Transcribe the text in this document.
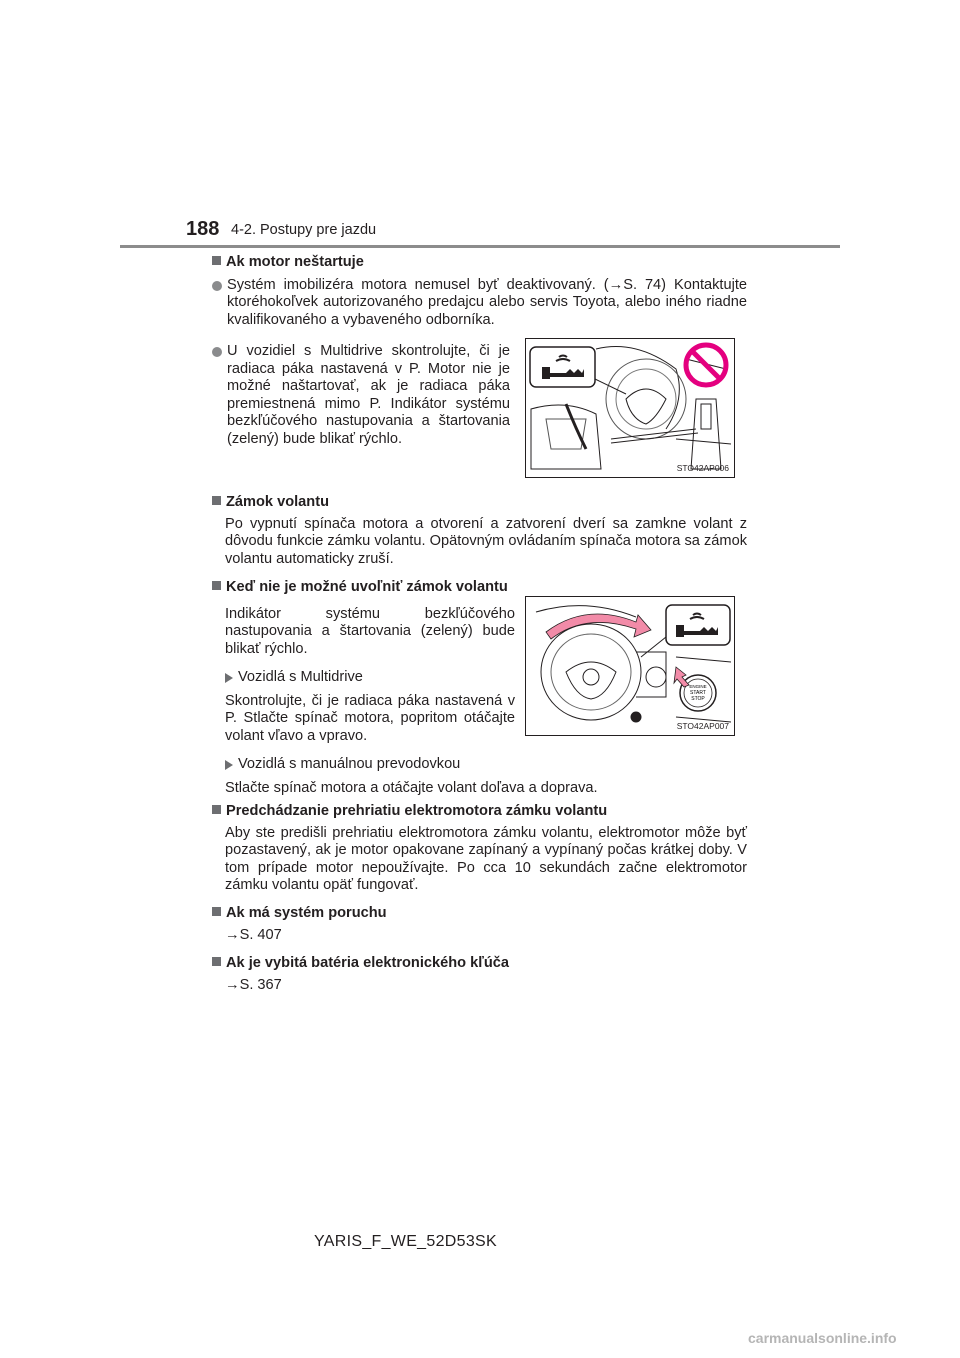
188 4-2. Postupy pre jazdu
Ak motor neštartuje
Systém imobilizéra motora nemusel byť deaktivovaný. (→S. 74) Kontaktujte ktoréhokoľvek autorizovaného predajcu alebo servis Toyota, alebo iného riadne kvalifikovaného a vybaveného odborníka.
U vozidiel s Multidrive skontrolujte, či je radiaca páka nastavená v P. Motor nie je možné naštartovať, ak je radiaca páka premiestnená mimo P. Indikátor systému bezkľúčového nastupovania a štartovania (zelený) bude blikať rýchlo.
Zámok volantu
Po vypnutí spínača motora a otvorení a zatvorení dverí sa zamkne volant z dôvodu funkcie zámku volantu. Opätovným ovládaním spínača motora sa zámok volantu automaticky zruší.
Keď nie je možné uvoľniť zámok volantu
Indikátor systému bezkľúčového nastupovania a štartovania (zelený) bude blikať rýchlo.
Vozidlá s Multidrive
Skontrolujte, či je radiaca páka nastavená v P. Stlačte spínač motora, popritom otáčajte volant vľavo a vpravo.
Vozidlá s manuálnou prevodovkou
Stlačte spínač motora a otáčajte volant doľava a doprava.
Predchádzanie prehriatiu elektromotora zámku volantu
Aby ste predišli prehriatiu elektromotora zámku volantu, elektromotor môže byť pozastavený, ak je motor opakovane zapínaný a vypínaný počas krátkej doby. V tom prípade motor nepoužívajte. Po cca 10 sekundách začne elektromotor zámku volantu opäť fungovať.
Ak má systém poruchu
→S. 407
Ak je vybitá batéria elektronického kľúča
→S. 367
STO42AP006
ENGINE
START
STOP
STO42AP007
YARIS_F_WE_52D53SK
carmanualsonline.info
